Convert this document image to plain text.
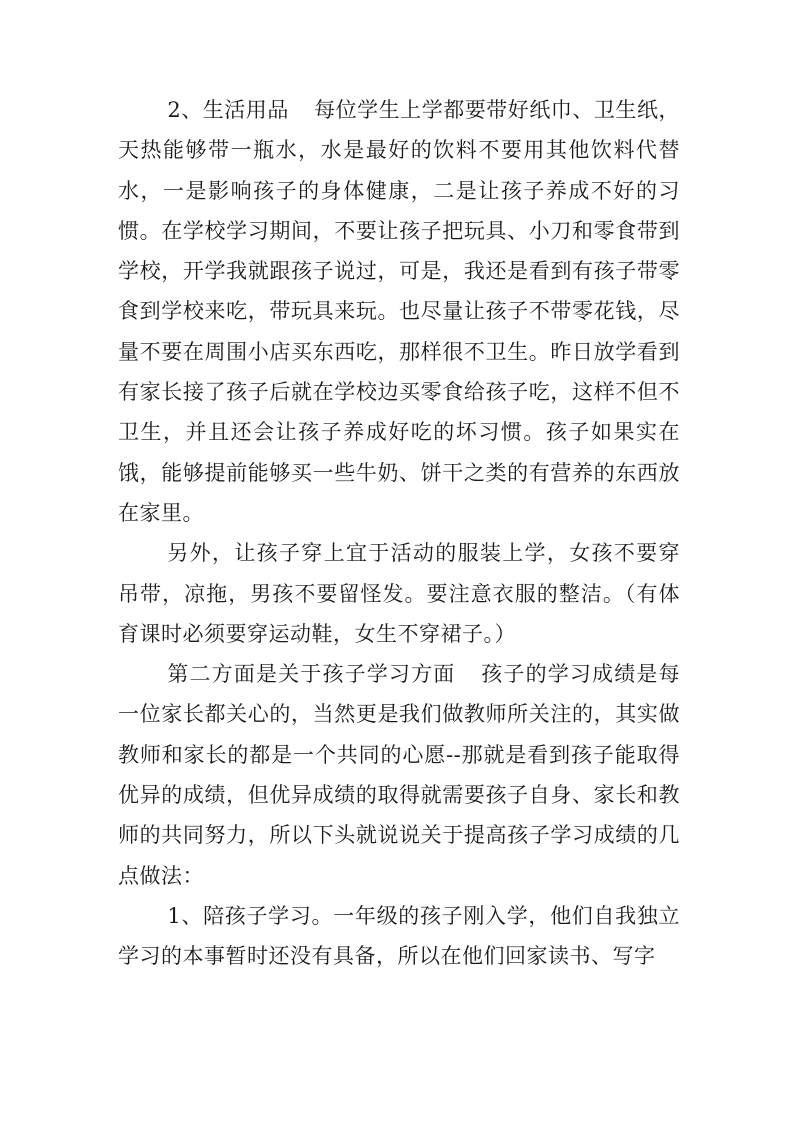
2、生活用品 每位学生上学都要带好纸巾、卫生纸，天热能够带一瓶水，水是最好的饮料不要用其他饮料代替水，一是影响孩子的身体健康，二是让孩子养成不好的习惯。在学校学习期间，不要让孩子把玩具、小刀和零食带到学校，开学我就跟孩子说过，可是，我还是看到有孩子带零食到学校来吃，带玩具来玩。也尽量让孩子不带零花钱，尽量不要在周围小店买东西吃，那样很不卫生。昨日放学看到有家长接了孩子后就在学校边买零食给孩子吃，这样不但不卫生，并且还会让孩子养成好吃的坏习惯。孩子如果实在饿，能够提前能够买一些牛奶、饼干之类的有营养的东西放在家里。

另外，让孩子穿上宜于活动的服装上学，女孩不要穿吊带，凉拖，男孩不要留怪发。要注意衣服的整洁。（有体育课时必须要穿运动鞋，女生不穿裙子。）

第二方面是关于孩子学习方面 孩子的学习成绩是每一位家长都关心的，当然更是我们做教师所关注的，其实做教师和家长的都是一个共同的心愿--那就是看到孩子能取得优异的成绩，但优异成绩的取得就需要孩子自身、家长和教师的共同努力，所以下头就说说关于提高孩子学习成绩的几点做法：

1、陪孩子学习。一年级的孩子刚入学，他们自我独立学习的本事暂时还没有具备，所以在他们回家读书、写字
